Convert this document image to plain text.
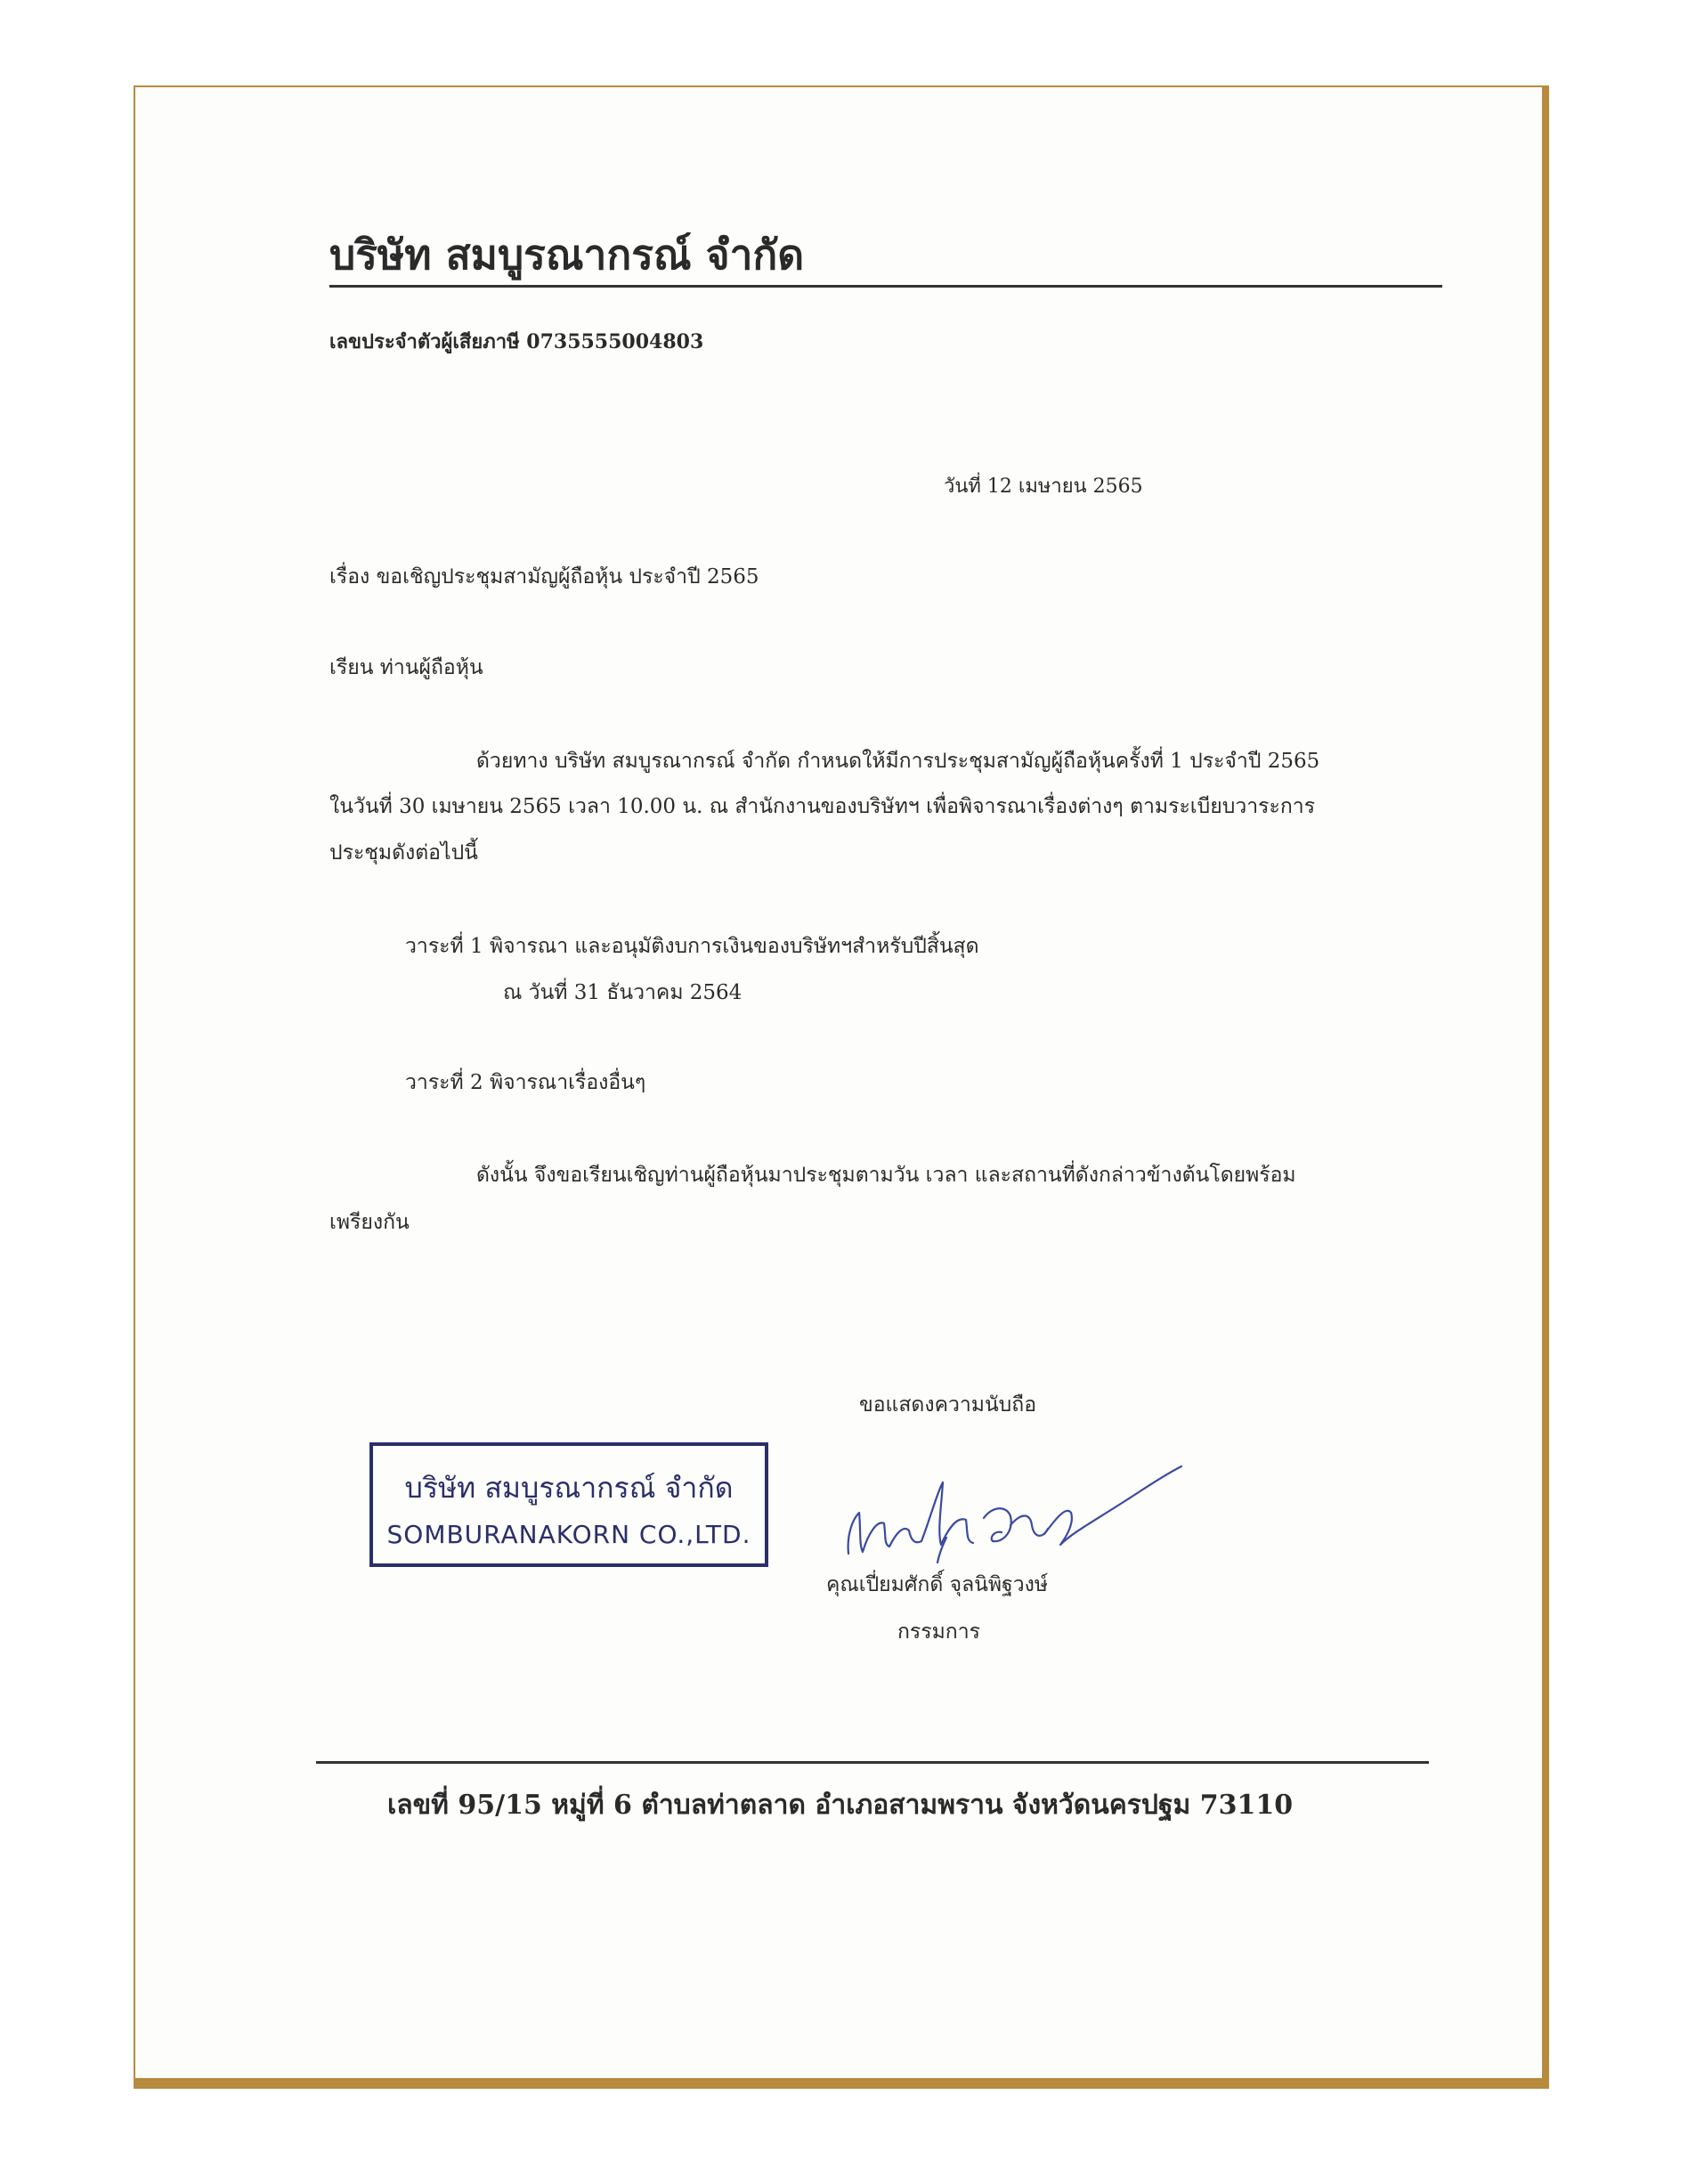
บริษัท สมบูรณากรณ์ จำกัด
เลขประจำตัวผู้เสียภาษี 0735555004803
วันที่ 12 เมษายน 2565
เรื่อง ขอเชิญประชุมสามัญผู้ถือหุ้น ประจำปี 2565
เรียน ท่านผู้ถือหุ้น
ด้วยทาง บริษัท สมบูรณากรณ์ จำกัด กำหนดให้มีการประชุมสามัญผู้ถือหุ้นครั้งที่ 1 ประจำปี 2565
ในวันที่ 30 เมษายน 2565 เวลา 10.00 น. ณ สำนักงานของบริษัทฯ เพื่อพิจารณาเรื่องต่างๆ ตามระเบียบวาระการ
ประชุมดังต่อไปนี้
วาระที่ 1 พิจารณา และอนุมัติงบการเงินของบริษัทฯสำหรับปีสิ้นสุด
ณ วันที่ 31 ธันวาคม 2564
วาระที่ 2 พิจารณาเรื่องอื่นๆ
ดังนั้น จึงขอเรียนเชิญท่านผู้ถือหุ้นมาประชุมตามวัน เวลา และสถานที่ดังกล่าวข้างต้นโดยพร้อม
เพรียงกัน
ขอแสดงความนับถือ
บริษัท สมบูรณากรณ์ จำกัด
SOMBURANAKORN CO.,LTD.
คุณเปี่ยมศักดิ์ จุลนิพิฐวงษ์
กรรมการ
เลขที่ 95/15 หมู่ที่ 6 ตำบลท่าตลาด อำเภอสามพราน จังหวัดนครปฐม 73110
